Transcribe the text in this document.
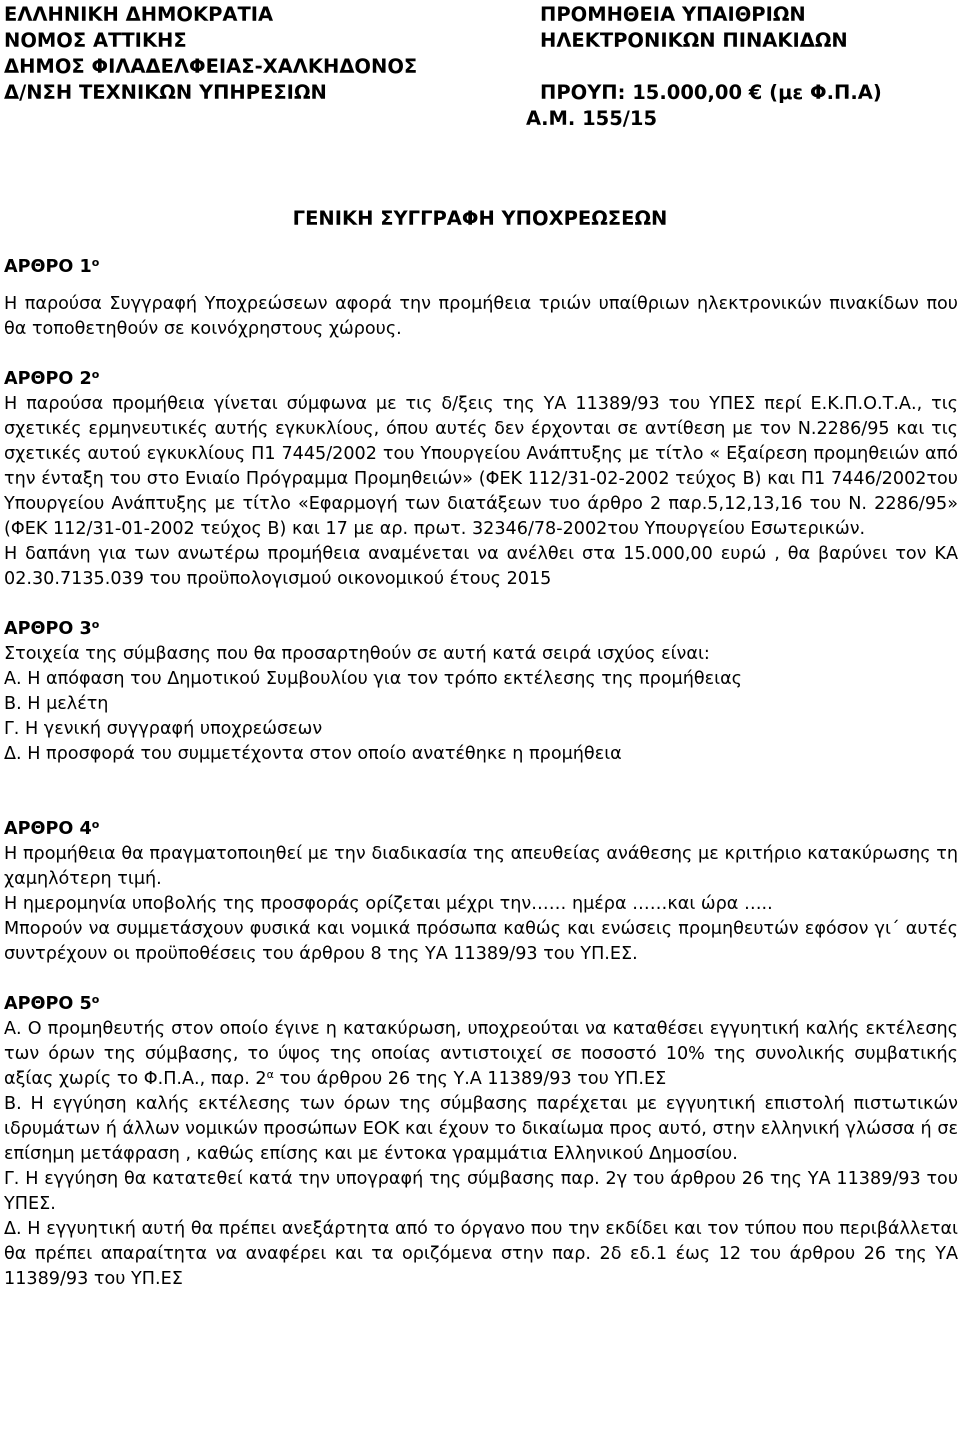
ΕΛΛΗΝΙΚΗ ΔΗΜΟΚΡΑΤΙΑ
ΝΟΜΟΣ ΑΤΤΙΚΗΣ
ΔΗΜΟΣ ΦΙΛΑΔΕΛΦΕΙΑΣ-ΧΑΛΚΗΔΟΝΟΣ
Δ/ΝΣΗ ΤΕΧΝΙΚΩΝ ΥΠΗΡΕΣΙΩΝ
ΠΡΟΜΗΘΕΙΑ ΥΠΑΙΘΡΙΩΝ
ΗΛΕΚΤΡΟΝΙΚΩΝ ΠΙΝΑΚΙΔΩΝ
ΠΡΟΥΠ: 15.000,00 € (με Φ.Π.Α)
Α.Μ. 155/15
ΓΕΝΙΚΗ ΣΥΓΓΡΑΦΗ ΥΠΟΧΡΕΩΣΕΩΝ

ΑΡΘΡΟ $1^o$

Η παρούσα Συγγραφή Υποχρεώσεων αφορά την προμήθεια τριών υπαίθριων ηλεκτρονικών πινακίδων που θα τοποθετηθούν σε κοινόχρηστους χώρους.

ΑΡΘΡΟ $2^o$

Η παρούσα προμήθεια γίνεται σύμφωνα με τις δ/ξεις της ΥΑ 11389/93 του ΥΠΕΣ περί Ε.Κ.Π.Ο.Τ.Α., τις σχετικές ερμηνευτικές αυτής εγκυκλίους, όπου αυτές δεν έρχονται σε αντίθεση με τον Ν.2286/95 και τις σχετικές αυτού εγκυκλίους Π1 7445/2002 του Υπουργείου Ανάπτυξης με τίτλο « Εξαίρεση προμηθειών από την ένταξη του στο Ενιαίο Πρόγραμμα Προμηθειών» (ΦΕΚ 112/31-02-2002 τεύχος Β) και Π1 7446/2002του Υπουργείου Ανάπτυξης με τίτλο «Εφαρμογή των διατάξεων τυο άρθρο 2 παρ.5,12,13,16 του Ν. 2286/95» (ΦΕΚ 112/31-01-2002 τεύχος Β) και 17 με αρ. πρωτ. 32346/78-2002του Υπουργείου Εσωτερικών.

Η δαπάνη για των ανωτέρω προμήθεια αναμένεται να ανέλθει στα 15.000,00 ευρώ , θα βαρύνει τον ΚΑ 02.30.7135.039 του προϋπολογισμού οικονομικού έτους 2015

ΑΡΘΡΟ $3^o$

Στοιχεία της σύμβασης που θα προσαρτηθούν σε αυτή κατά σειρά ισχύος είναι:

Α. Η απόφαση του Δημοτικού Συμβουλίου για τον τρόπο εκτέλεσης της προμήθειας

Β. Η μελέτη

Γ. Η γενική συγγραφή υποχρεώσεων

Δ. Η προσφορά του συμμετέχοντα στον οποίο ανατέθηκε η προμήθεια

ΑΡΘΡΟ $4^o$

Η προμήθεια θα πραγματοποιηθεί με την διαδικασία της απευθείας ανάθεσης με κριτήριο κατακύρωσης τη χαμηλότερη τιμή.

Η ημερομηνία υποβολής της προσφοράς ορίζεται μέχρι την…… ημέρα ……και ώρα …..

Μπορούν να συμμετάσχουν φυσικά και νομικά πρόσωπα καθώς και ενώσεις προμηθευτών εφόσον γι΄ αυτές συντρέχουν οι προϋποθέσεις του άρθρου 8 της ΥΑ 11389/93 του ΥΠ.ΕΣ.

ΑΡΘΡΟ $5^o$

Α. Ο προμηθευτής στον οποίο έγινε η κατακύρωση, υποχρεούται να καταθέσει εγγυητική καλής εκτέλεσης των όρων της σύμβασης, το ύψος της οποίας αντιστοιχεί σε ποσοστό 10% της συνολικής συμβατικής αξίας χωρίς το Φ.Π.Α., παρ. $2^\alpha$ του άρθρου 26 της Υ.Α 11389/93 του ΥΠ.ΕΣ

Β. Η εγγύηση καλής εκτέλεσης των όρων της σύμβασης παρέχεται με εγγυητική επιστολή πιστωτικών ιδρυμάτων ή άλλων νομικών προσώπων ΕΟΚ και έχουν το δικαίωμα προς αυτό, στην ελληνική γλώσσα ή σε επίσημη μετάφραση , καθώς επίσης και με έντοκα γραμμάτια Ελληνικού Δημοσίου.

Γ. Η εγγύηση θα κατατεθεί κατά την υπογραφή της σύμβασης παρ. 2γ του άρθρου 26 της ΥΑ 11389/93 του ΥΠΕΣ.

Δ. Η εγγυητική αυτή θα πρέπει ανεξάρτητα από το όργανο που την εκδίδει και τον τύπου που περιβάλλεται θα πρέπει απαραίτητα να αναφέρει και τα οριζόμενα στην παρ. 2δ εδ.1 έως 12 του άρθρου 26 της ΥΑ 11389/93 του ΥΠ.ΕΣ
